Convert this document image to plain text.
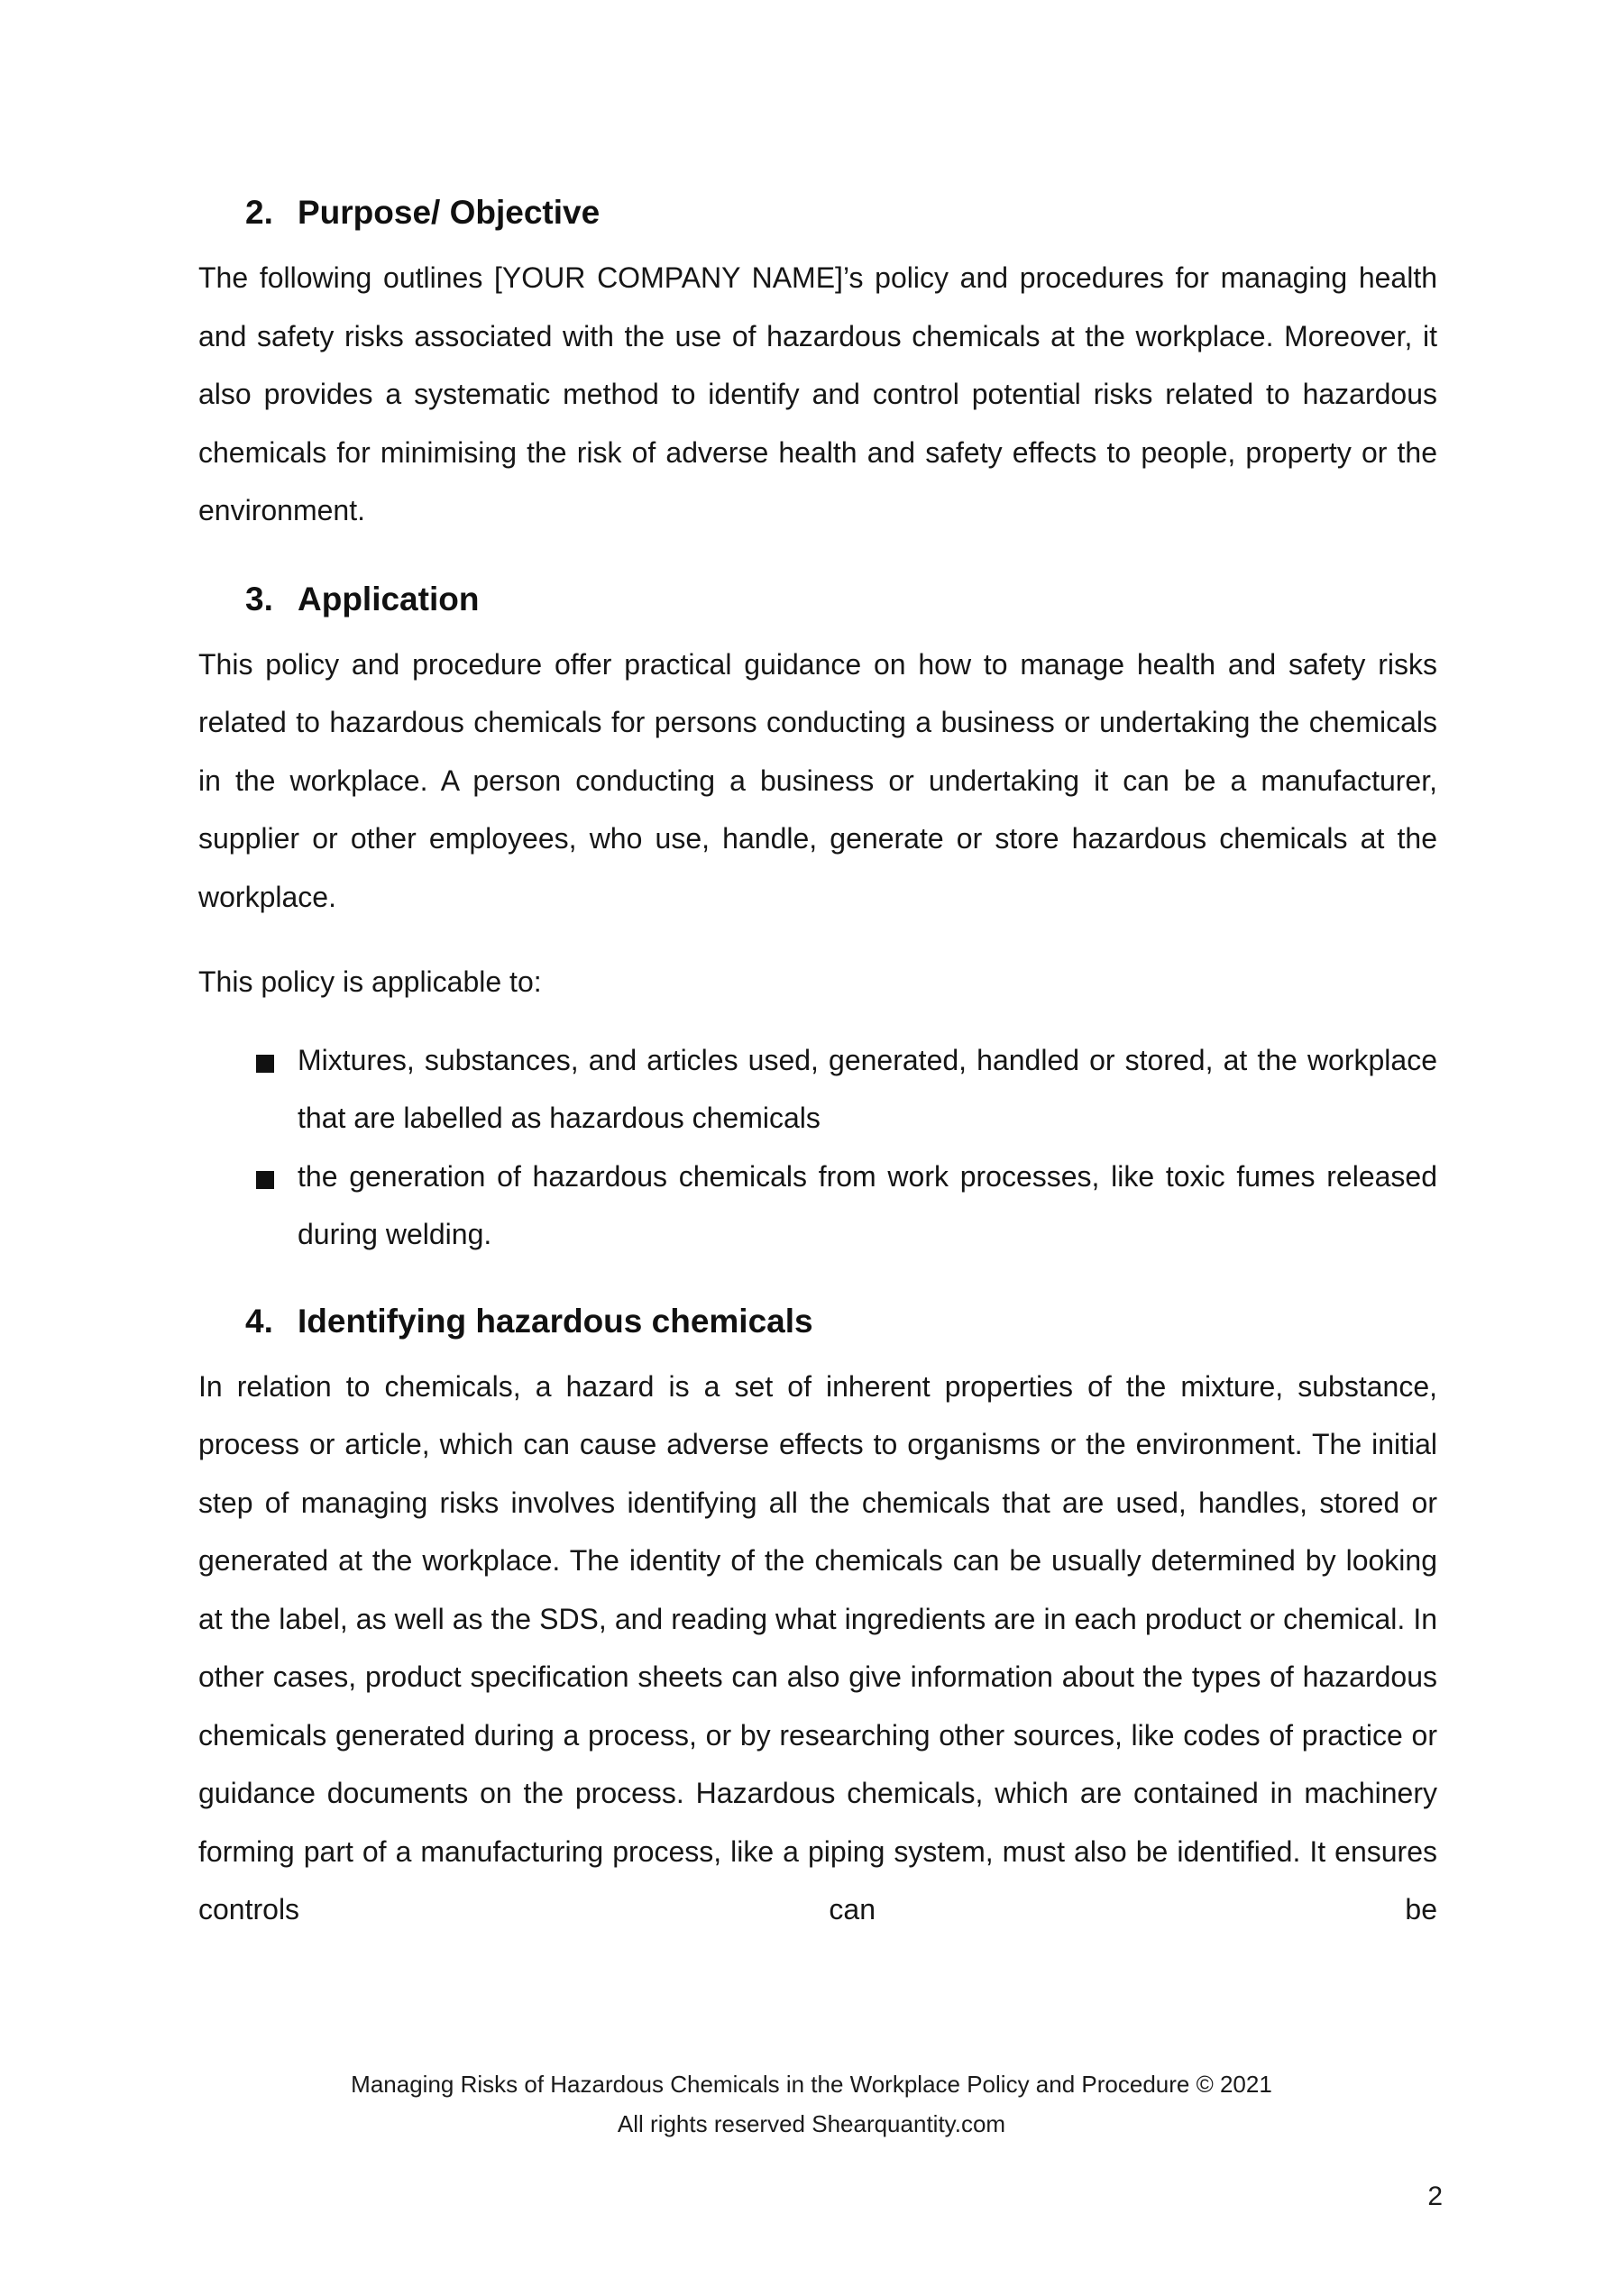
2. Purpose/ Objective

The following outlines [YOUR COMPANY NAME]’s policy and procedures for managing health and safety risks associated with the use of hazardous chemicals at the workplace. Moreover, it also provides a systematic method to identify and control potential risks related to hazardous chemicals for minimising the risk of adverse health and safety effects to people, property or the environment.

3. Application

This policy and procedure offer practical guidance on how to manage health and safety risks related to hazardous chemicals for persons conducting a business or undertaking the chemicals in the workplace. A person conducting a business or undertaking it can be a manufacturer, supplier or other employees, who use, handle, generate or store hazardous chemicals at the workplace.

This policy is applicable to:

Mixtures, substances, and articles used, generated, handled or stored, at the workplace that are labelled as hazardous chemicals
the generation of hazardous chemicals from work processes, like toxic fumes released during welding.
4. Identifying hazardous chemicals

In relation to chemicals, a hazard is a set of inherent properties of the mixture, substance, process or article, which can cause adverse effects to organisms or the environment. The initial step of managing risks involves identifying all the chemicals that are used, handles, stored or generated at the workplace. The identity of the chemicals can be usually determined by looking at the label, as well as the SDS, and reading what ingredients are in each product or chemical. In other cases, product specification sheets can also give information about the types of hazardous chemicals generated during a process, or by researching other sources, like codes of practice or guidance documents on the process. Hazardous chemicals, which are contained in machinery forming part of a manufacturing process, like a piping system, must also be identified. It ensures controls can be

Managing Risks of Hazardous Chemicals in the Workplace Policy and Procedure © 2021
All rights reserved Shearquantity.com
2
